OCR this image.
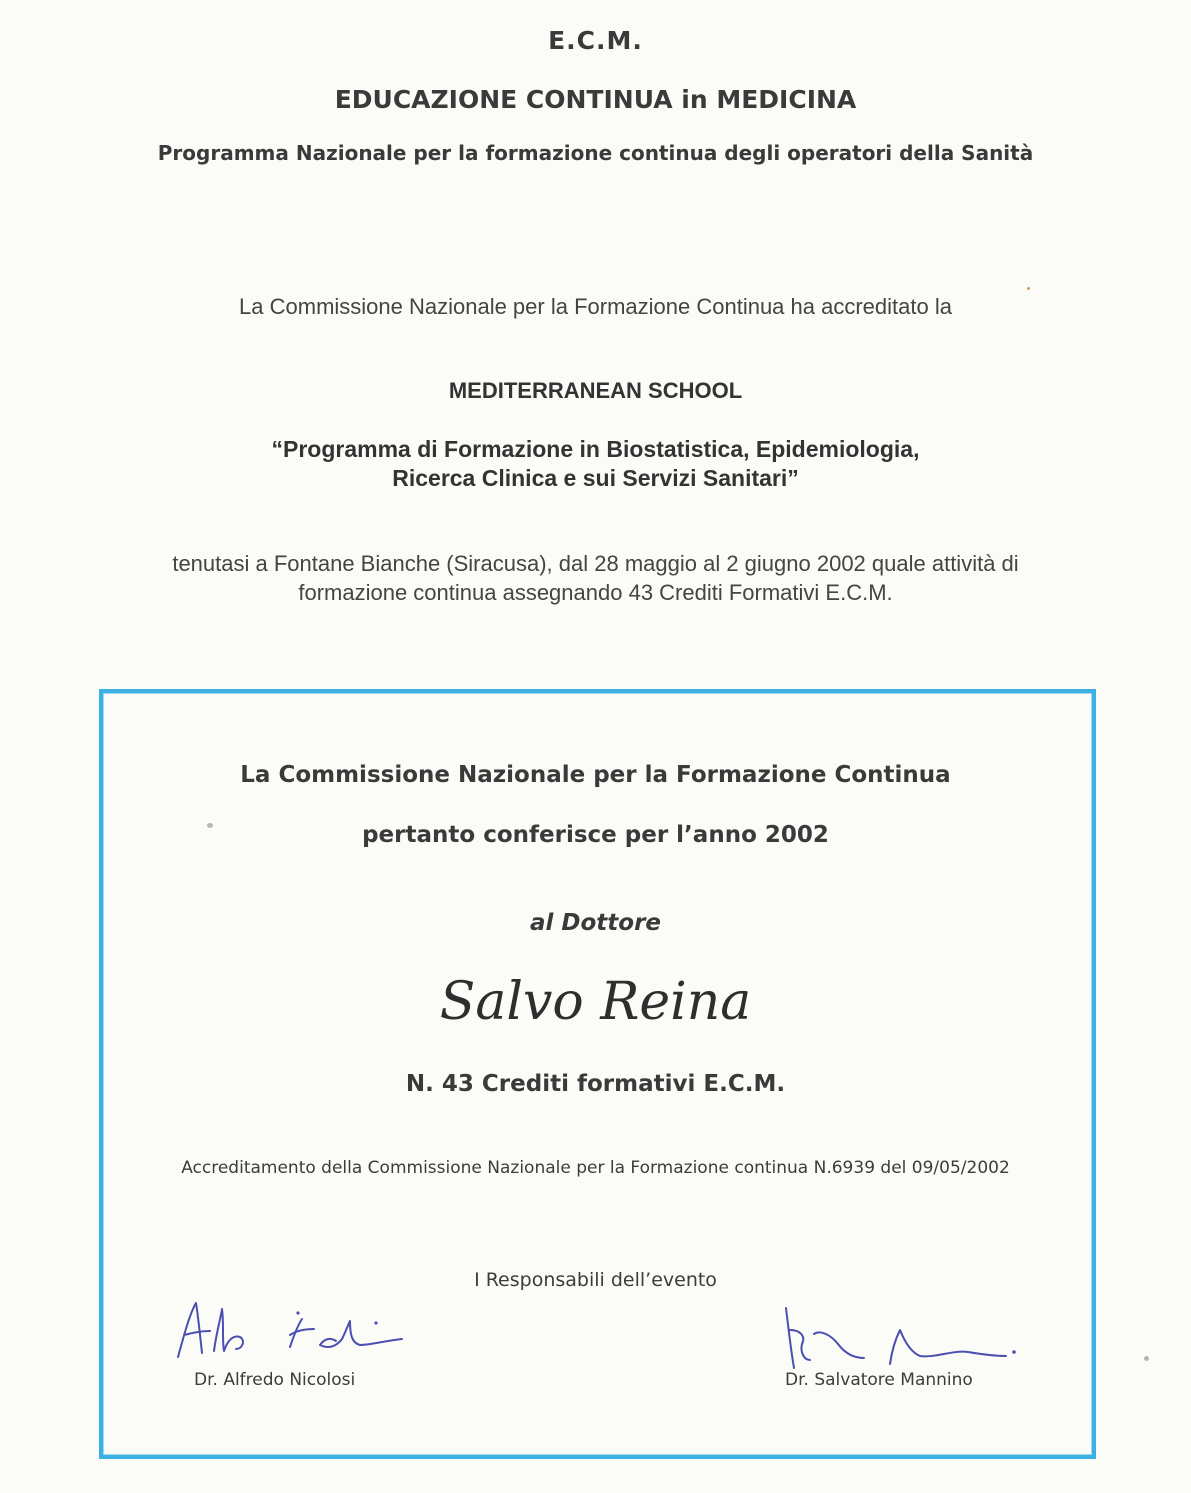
E.C.M.
EDUCAZIONE CONTINUA in MEDICINA
Programma Nazionale per la formazione continua degli operatori della Sanità
La Commissione Nazionale per la Formazione Continua ha accreditato la
MEDITERRANEAN SCHOOL
“Programma di Formazione in Biostatistica, Epidemiologia,
Ricerca Clinica e sui Servizi Sanitari”
tenutasi a Fontane Bianche (Siracusa), dal 28 maggio al 2 giugno 2002 quale attività di
formazione continua assegnando 43 Crediti Formativi E.C.M.
La Commissione Nazionale per la Formazione Continua
pertanto conferisce per l’anno 2002
al Dottore
Salvo Reina
N. 43 Crediti formativi E.C.M.
Accreditamento della Commissione Nazionale per la Formazione continua N.6939 del 09/05/2002
I Responsabili dell’evento
Dr. Alfredo Nicolosi	Dr. Salvatore Mannino
